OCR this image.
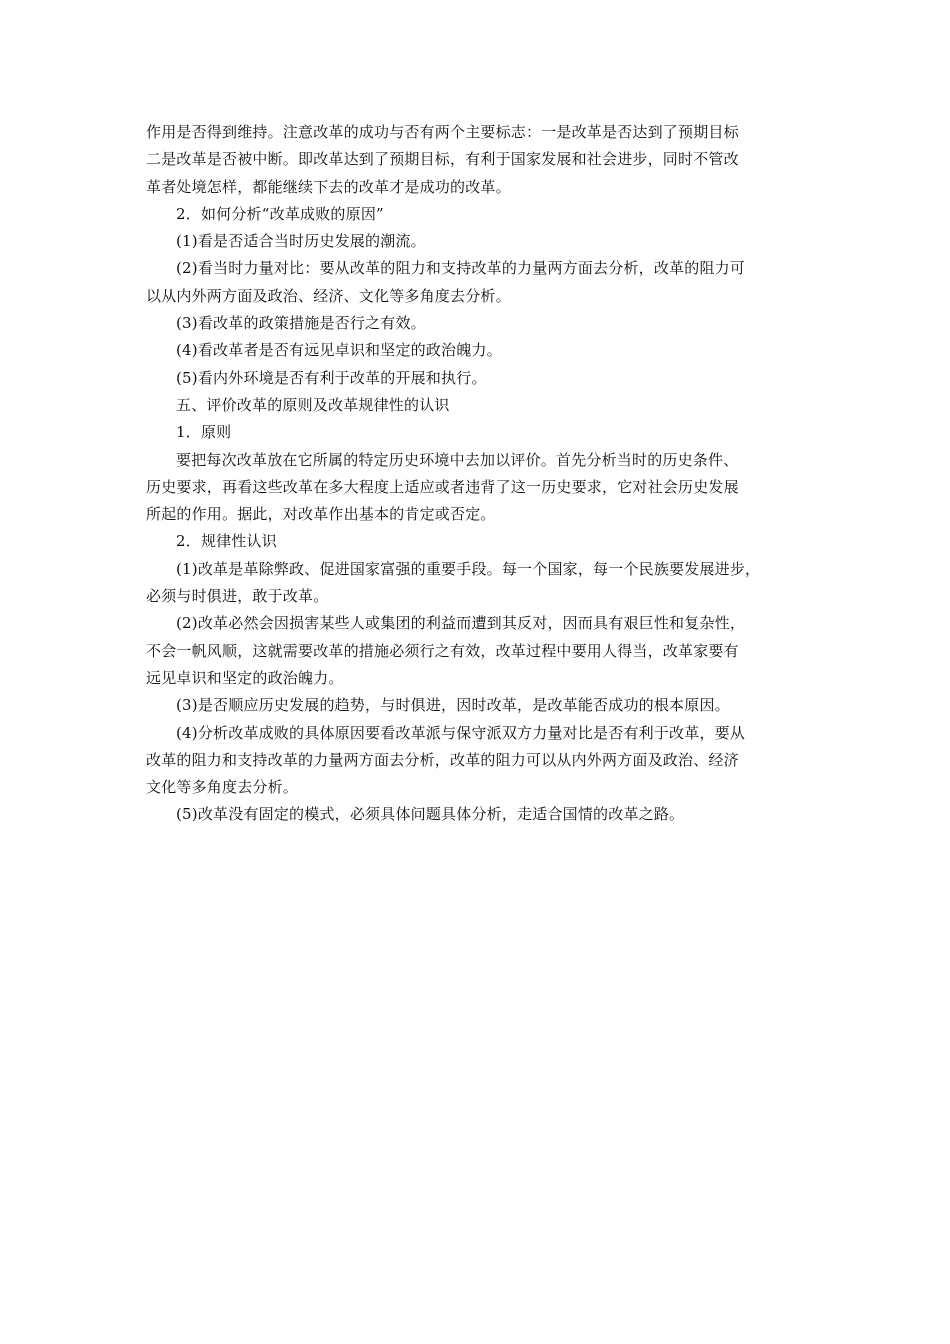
作用是否得到维持。注意改革的成功与否有两个主要标志：一是改革是否达到了预期目标
二是改革是否被中断。即改革达到了预期目标，有利于国家发展和社会进步，同时不管改
革者处境怎样，都能继续下去的改革才是成功的改革。
2．如何分析“改革成败的原因”
(1)看是否适合当时历史发展的潮流。
(2)看当时力量对比：要从改革的阻力和支持改革的力量两方面去分析，改革的阻力可
以从内外两方面及政治、经济、文化等多角度去分析。
(3)看改革的政策措施是否行之有效。
(4)看改革者是否有远见卓识和坚定的政治魄力。
(5)看内外环境是否有利于改革的开展和执行。
五、评价改革的原则及改革规律性的认识
1．原则
要把每次改革放在它所属的特定历史环境中去加以评价。首先分析当时的历史条件、
历史要求，再看这些改革在多大程度上适应或者违背了这一历史要求，它对社会历史发展
所起的作用。据此，对改革作出基本的肯定或否定。
2．规律性认识
(1)改革是革除弊政、促进国家富强的重要手段。每一个国家，每一个民族要发展进步，
必须与时俱进，敢于改革。
(2)改革必然会因损害某些人或集团的利益而遭到其反对，因而具有艰巨性和复杂性，
不会一帆风顺，这就需要改革的措施必须行之有效，改革过程中要用人得当，改革家要有
远见卓识和坚定的政治魄力。
(3)是否顺应历史发展的趋势，与时俱进，因时改革，是改革能否成功的根本原因。
(4)分析改革成败的具体原因要看改革派与保守派双方力量对比是否有利于改革，要从
改革的阻力和支持改革的力量两方面去分析，改革的阻力可以从内外两方面及政治、经济
文化等多角度去分析。
(5)改革没有固定的模式，必须具体问题具体分析，走适合国情的改革之路。
